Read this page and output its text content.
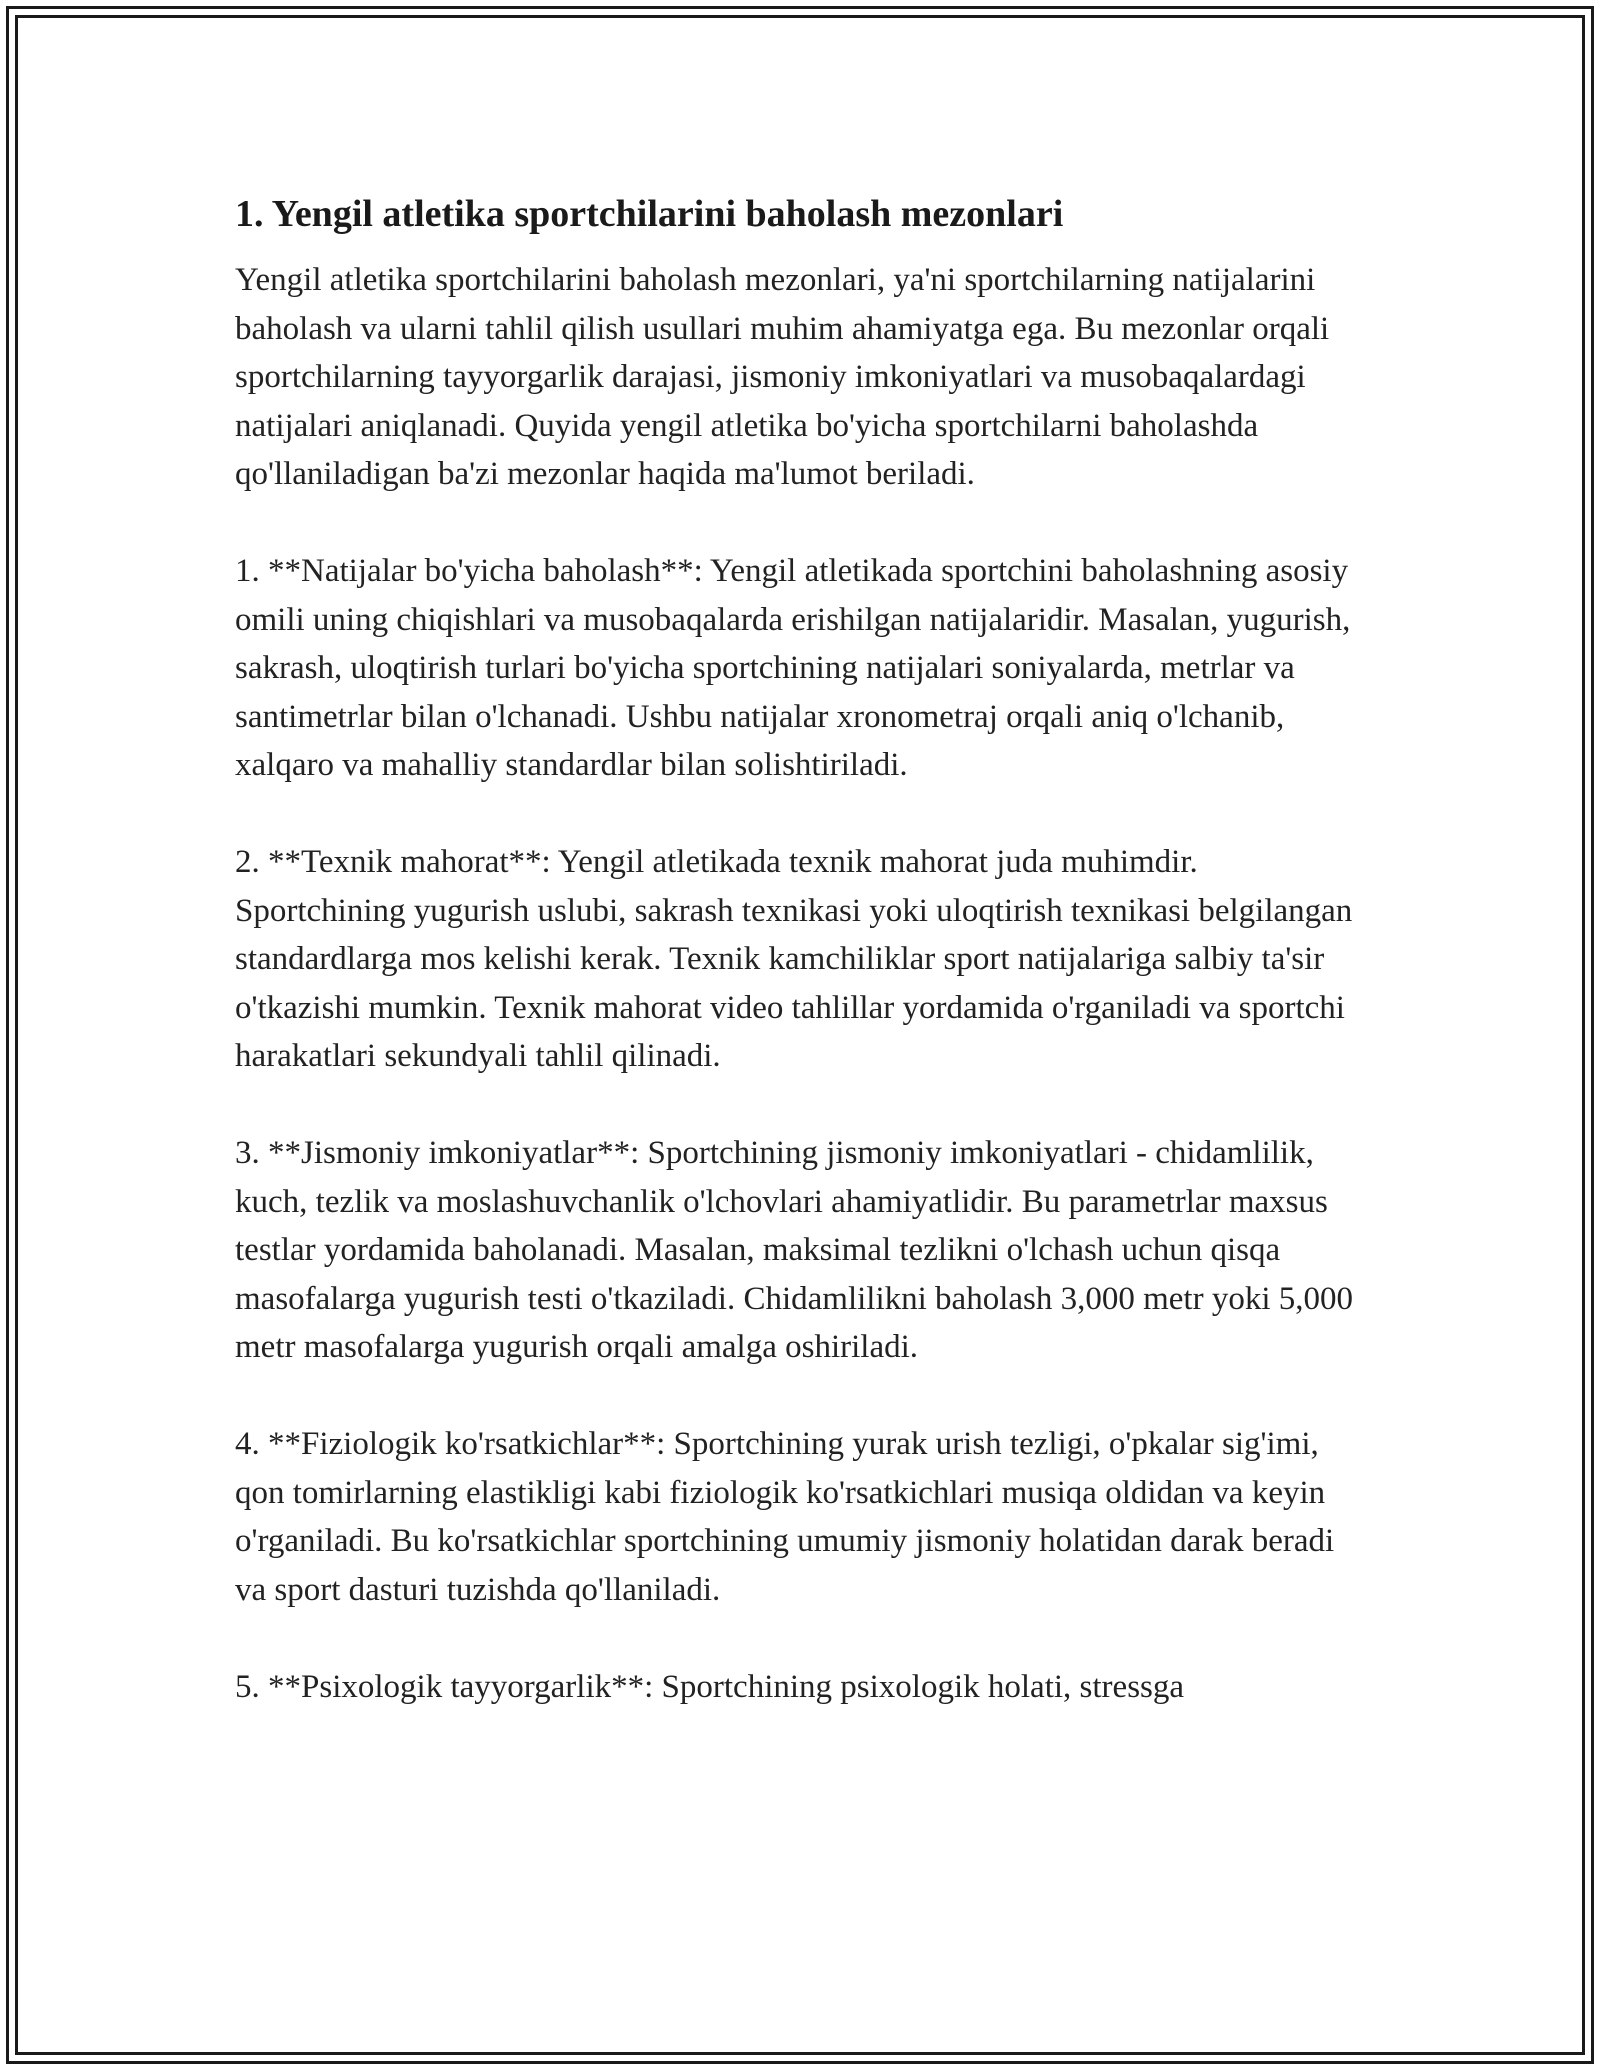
1. Yengil atletika sportchilarini baholash mezonlari

Yengil atletika sportchilarini baholash mezonlari, ya'ni sportchilarning natijalarini baholash va ularni tahlil qilish usullari muhim ahamiyatga ega. Bu mezonlar orqali sportchilarning tayyorgarlik darajasi, jismoniy imkoniyatlari va musobaqalardagi natijalari aniqlanadi. Quyida yengil atletika bo'yicha sportchilarni baholashda qo'llaniladigan ba'zi mezonlar haqida ma'lumot beriladi.

1. **Natijalar bo'yicha baholash**: Yengil atletikada sportchini baholashning asosiy omili uning chiqishlari va musobaqalarda erishilgan natijalaridir. Masalan, yugurish, sakrash, uloqtirish turlari bo'yicha sportchining natijalari soniyalarda, metrlar va santimetrlar bilan o'lchanadi. Ushbu natijalar xronometraj orqali aniq o'lchanib, xalqaro va mahalliy standardlar bilan solishtiriladi.

2. **Texnik mahorat**: Yengil atletikada texnik mahorat juda muhimdir. Sportchining yugurish uslubi, sakrash texnikasi yoki uloqtirish texnikasi belgilangan standardlarga mos kelishi kerak. Texnik kamchiliklar sport natijalariga salbiy ta'sir o'tkazishi mumkin. Texnik mahorat video tahlillar yordamida o'rganiladi va sportchi harakatlari sekundyali tahlil qilinadi.

3. **Jismoniy imkoniyatlar**: Sportchining jismoniy imkoniyatlari - chidamlilik, kuch, tezlik va moslashuvchanlik o'lchovlari ahamiyatlidir. Bu parametrlar maxsus testlar yordamida baholanadi. Masalan, maksimal tezlikni o'lchash uchun qisqa masofalarga yugurish testi o'tkaziladi. Chidamlilikni baholash 3,000 metr yoki 5,000 metr masofalarga yugurish orqali amalga oshiriladi.

4. **Fiziologik ko'rsatkichlar**: Sportchining yurak urish tezligi, o'pkalar sig'imi, qon tomirlarning elastikligi kabi fiziologik ko'rsatkichlari musiqa oldidan va keyin o'rganiladi. Bu ko'rsatkichlar sportchining umumiy jismoniy holatidan darak beradi va sport dasturi tuzishda qo'llaniladi.

5. **Psixologik tayyorgarlik**: Sportchining psixologik holati, stressga
